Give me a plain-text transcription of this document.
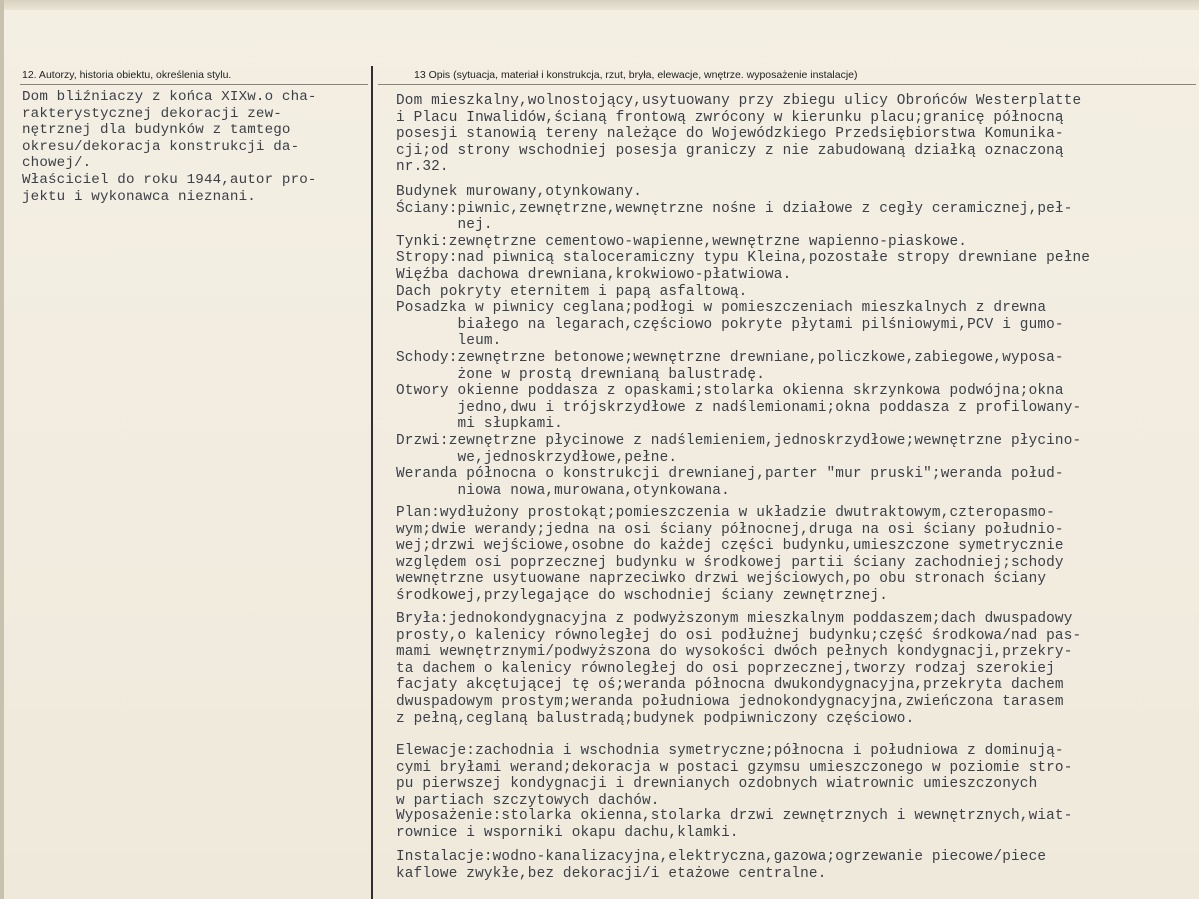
12. Autorzy, historia obiektu, określenia stylu.	13 Opis (sytuacja, materiał i konstrukcja, rzut, bryła, elewacje, wnętrze. wyposażenie instalacje)
Dom bliźniaczy z końca XIXw.o cha-
rakterystycznej dekoracji zew-
nętrznej dla budynków z tamtego
okresu/dekoracja konstrukcji da-
chowej/.
Właściciel do roku 1944,autor pro-
jektu i wykonawca nieznani.
Dom mieszkalny,wolnostojący,usytuowany przy zbiegu ulicy Obrońców Westerplatte
i Placu Inwalidów,ścianą frontową zwrócony w kierunku placu;granicę północną
posesji stanowią tereny należące do Wojewódzkiego Przedsiębiorstwa Komunika-
cji;od strony wschodniej posesja graniczy z nie zabudowaną działką oznaczoną
nr.32.
Budynek murowany,otynkowany.
Ściany:piwnic,zewnętrzne,wewnętrzne nośne i działowe z cegły ceramicznej,peł-
nej.
Tynki:zewnętrzne cementowo-wapienne,wewnętrzne wapienno-piaskowe.
Stropy:nad piwnicą staloceramiczny typu Kleina,pozostałe stropy drewniane pełne
Więźba dachowa drewniana,krokwiowo-płatwiowa.
Dach pokryty eternitem i papą asfaltową.
Posadzka w piwnicy ceglana;podłogi w pomieszczeniach mieszkalnych z drewna
białego na legarach,częściowo pokryte płytami pilśniowymi,PCV i gumo-
leum.
Schody:zewnętrzne betonowe;wewnętrzne drewniane,policzkowe,zabiegowe,wyposa-
żone w prostą drewnianą balustradę.
Otwory okienne poddasza z opaskami;stolarka okienna skrzynkowa podwójna;okna
jedno,dwu i trójskrzydłowe z nadślemionami;okna poddasza z profilowany-
mi słupkami.
Drzwi:zewnętrzne płycinowe z nadślemieniem,jednoskrzydłowe;wewnętrzne płycino-
we,jednoskrzydłowe,pełne.
Weranda północna o konstrukcji drewnianej,parter "mur pruski";weranda połud-
niowa nowa,murowana,otynkowana.
Plan:wydłużony prostokąt;pomieszczenia w układzie dwutraktowym,czteropasmo-
wym;dwie werandy;jedna na osi ściany północnej,druga na osi ściany południo-
wej;drzwi wejściowe,osobne do każdej części budynku,umieszczone symetrycznie
względem osi poprzecznej budynku w środkowej partii ściany zachodniej;schody
wewnętrzne usytuowane naprzeciwko drzwi wejściowych,po obu stronach ściany
środkowej,przylegające do wschodniej ściany zewnętrznej.
Bryła:jednokondygnacyjna z podwyższonym mieszkalnym poddaszem;dach dwuspadowy
prosty,o kalenicy równoległej do osi podłużnej budynku;część środkowa/nad pas-
mami wewnętrznymi/podwyższona do wysokości dwóch pełnych kondygnacji,przekry-
ta dachem o kalenicy równoległej do osi poprzecznej,tworzy rodzaj szerokiej
facjaty akcętującej tę oś;weranda północna dwukondygnacyjna,przekryta dachem
dwuspadowym prostym;weranda południowa jednokondygnacyjna,zwieńczona tarasem
z pełną,ceglaną balustradą;budynek podpiwniczony częściowo.
Elewacje:zachodnia i wschodnia symetryczne;północna i południowa z dominują-
cymi bryłami werand;dekoracja w postaci gzymsu umieszczonego w poziomie stro-
pu pierwszej kondygnacji i drewnianych ozdobnych wiatrownic umieszczonych
w partiach szczytowych dachów.
Wyposażenie:stolarka okienna,stolarka drzwi zewnętrznych i wewnętrznych,wiat-
rownice i wsporniki okapu dachu,klamki.
Instalacje:wodno-kanalizacyjna,elektryczna,gazowa;ogrzewanie piecowe/piece
kaflowe zwykłe,bez dekoracji/i etażowe centralne.
